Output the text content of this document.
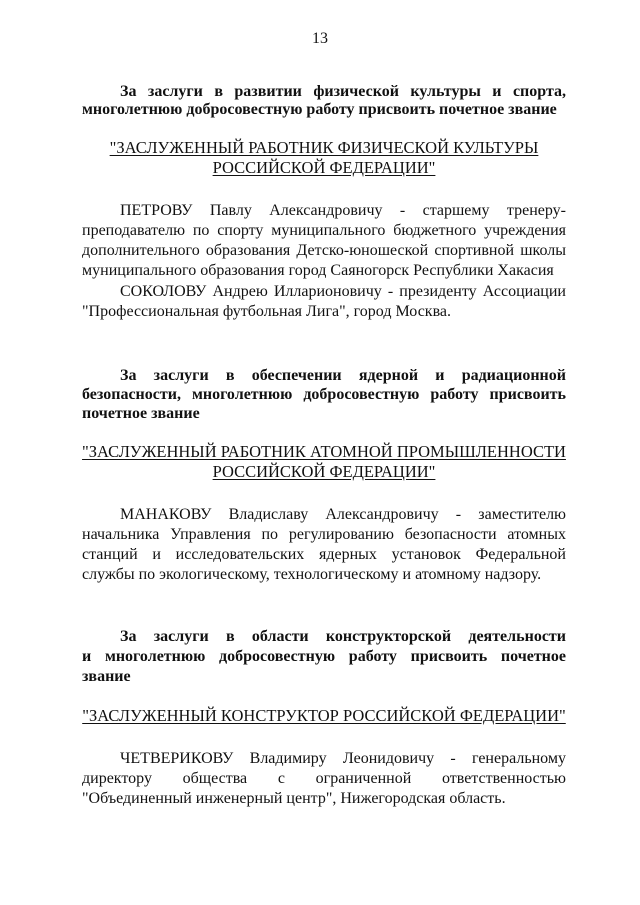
13

За заслуги в развитии физической культуры и спорта,

многолетнюю добросовестную работу присвоить почетное звание

"ЗАСЛУЖЕННЫЙ РАБОТНИК ФИЗИЧЕСКОЙ КУЛЬТУРЫ
РОССИЙСКОЙ ФЕДЕРАЦИИ"

ПЕТРОВУ Павлу Александровичу - старшему тренеру-

преподавателю по спорту муниципального бюджетного учреждения

дополнительного образования Детско-юношеской спортивной школы

муниципального образования город Саяногорск Республики Хакасия

СОКОЛОВУ Андрею Илларионовичу - президенту Ассоциации

"Профессиональная футбольная Лига", город Москва.

За заслуги в обеспечении ядерной и радиационной

безопасности, многолетнюю добросовестную работу присвоить

почетное звание

"ЗАСЛУЖЕННЫЙ РАБОТНИК АТОМНОЙ ПРОМЫШЛЕННОСТИ
РОССИЙСКОЙ ФЕДЕРАЦИИ"

МАНАКОВУ Владиславу Александровичу - заместителю

начальника Управления по регулированию безопасности атомных

станций и исследовательских ядерных установок Федеральной

службы по экологическому, технологическому и атомному надзору.

За заслуги в области конструкторской деятельности

и многолетнюю добросовестную работу присвоить почетное

звание

"ЗАСЛУЖЕННЫЙ КОНСТРУКТОР РОССИЙСКОЙ ФЕДЕРАЦИИ"

ЧЕТВЕРИКОВУ Владимиру Леонидовичу - генеральному

директору общества с ограниченной ответственностью

"Объединенный инженерный центр", Нижегородская область.
